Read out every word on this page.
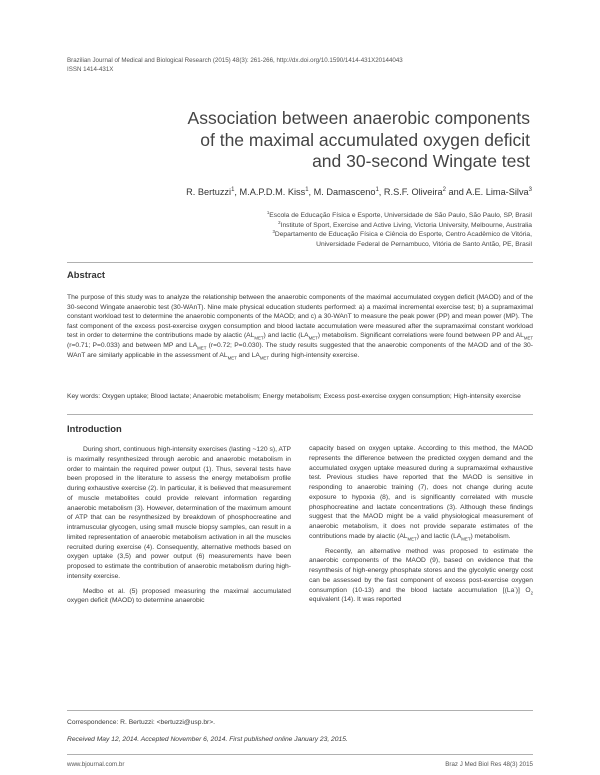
Brazilian Journal of Medical and Biological Research (2015) 48(3): 261-266, http://dx.doi.org/10.1590/1414-431X20144043
ISSN 1414-431X
Association between anaerobic components
of the maximal accumulated oxygen deficit
and 30-second Wingate test
R. Bertuzzi$^1$, M.A.P.D.M. Kiss$^1$, M. Damasceno$^1$, R.S.F. Oliveira$^2$ and A.E. Lima-Silva$^3$
$^1$Escola de Educação Física e Esporte, Universidade de São Paulo, São Paulo, SP, Brasil
$^2$Institute of Sport, Exercise and Active Living, Victoria University, Melbourne, Australia
$^3$Departamento de Educação Física e Ciência do Esporte, Centro Acadêmico de Vitória,
Universidade Federal de Pernambuco, Vitória de Santo Antão, PE, Brasil
Abstract
The purpose of this study was to analyze the relationship between the anaerobic components of the maximal accumulated oxygen deficit (MAOD) and of the 30-second Wingate anaerobic test (30-WAnT). Nine male physical education students performed: a) a maximal incremental exercise test; b) a supramaximal constant workload test to determine the anaerobic components of the MAOD; and c) a 30-WAnT to measure the peak power (PP) and mean power (MP). The fast component of the excess post-exercise oxygen consumption and blood lactate accumulation were measured after the supramaximal constant workload test in order to determine the contributions made by alactic $(AL_{MET})$ and lactic $(LA_{MET})$ metabolism. Significant correlations were found between PP and $AL_{MET}$ (r=0.71; P=0.033) and between MP and $LA_{MET}$ (r=0.72; P=0.030). The study results suggested that the anaerobic components of the MAOD and of the 30-WAnT are similarly applicable in the assessment of $AL_{MET}$ and $LA_{MET}$ during high-intensity exercise.
Key words: Oxygen uptake; Blood lactate; Anaerobic metabolism; Energy metabolism; Excess post-exercise oxygen consumption; High-intensity exercise
Introduction

During short, continuous high-intensity exercises (lasting ~120 s), ATP is maximally resynthesized through aerobic and anaerobic metabolism in order to maintain the required power output (1). Thus, several tests have been proposed in the literature to assess the energy metabolism profile during exhaustive exercise (2). In particular, it is believed that measurement of muscle metabolites could provide relevant information regarding anaerobic metabolism (3). However, determination of the maximum amount of ATP that can be resynthesized by breakdown of phosphocreatine and intramuscular glycogen, using small muscle biopsy samples, can result in a limited representation of anaerobic metabolism activation in all the muscles recruited during exercise (4). Consequently, alternative methods based on oxygen uptake (3,5) and power output (6) measurements have been proposed to estimate the contribution of anaerobic metabolism during high-intensity exercise.

Medbo et al. (5) proposed measuring the maximal accumulated oxygen deficit (MAOD) to determine anaerobic

capacity based on oxygen uptake. According to this method, the MAOD represents the difference between the predicted oxygen demand and the accumulated oxygen uptake measured during a supramaximal exhaustive test. Previous studies have reported that the MAOD is sensitive in responding to anaerobic training (7), does not change during acute exposure to hypoxia (8), and is significantly correlated with muscle phosphocreatine and lactate concentrations (3). Although these findings suggest that the MAOD might be a valid physiological measurement of anaerobic metabolism, it does not provide separate estimates of the contributions made by alactic $(AL_{MET})$ and lactic $(LA_{MET})$ metabolism.

Recently, an alternative method was proposed to estimate the anaerobic components of the MAOD (9), based on evidence that the resynthesis of high-energy phosphate stores and the glycolytic energy cost can be assessed by the fast component of excess post-exercise oxygen consumption (10-13) and the blood lactate accumulation [(La-)] $O_2$ equivalent (14). It was reported

Correspondence: R. Bertuzzi: <bertuzzi@usp.br>.
Received May 12, 2014. Accepted November 6, 2014. First published online January 23, 2015.
www.bjournal.com.br	Braz J Med Biol Res 48(3) 2015
